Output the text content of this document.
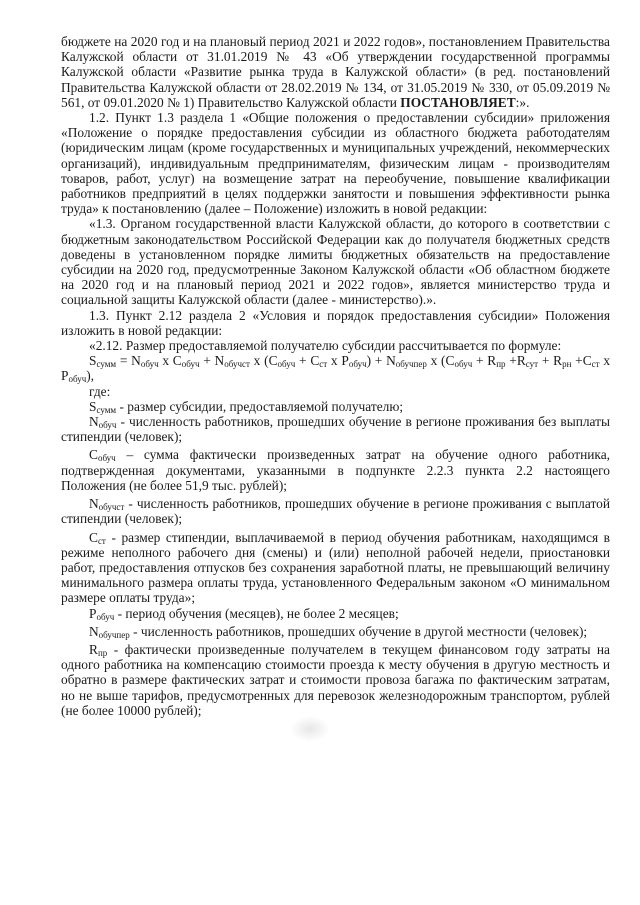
бюджете на 2020 год и на плановый период 2021 и 2022 годов», постановлением Правительства Калужской области от 31.01.2019 № 43 «Об утверждении государственной программы Калужской области «Развитие рынка труда в Калужской области» (в ред. постановлений Правительства Калужской области от 28.02.2019 № 134, от 31.05.2019 № 330, от 05.09.2019 № 561, от 09.01.2020 № 1) Правительство Калужской области ПОСТАНОВЛЯЕТ:».

1.2. Пункт 1.3 раздела 1 «Общие положения о предоставлении субсидии» приложения «Положение о порядке предоставления субсидии из областного бюджета работодателям (юридическим лицам (кроме государственных и муниципальных учреждений, некоммерческих организаций), индивидуальным предпринимателям, физическим лицам - производителям товаров, работ, услуг) на возмещение затрат на переобучение, повышение квалификации работников предприятий в целях поддержки занятости и повышения эффективности рынка труда» к постановлению (далее – Положение) изложить в новой редакции:

«1.3. Органом государственной власти Калужской области, до которого в соответствии с бюджетным законодательством Российской Федерации как до получателя бюджетных средств доведены в установленном порядке лимиты бюджетных обязательств на предоставление субсидии на 2020 год, предусмотренные Законом Калужской области «Об областном бюджете на 2020 год и на плановый период 2021 и 2022 годов», является министерство труда и социальной защиты Калужской области (далее - министерство).».

1.3. Пункт 2.12 раздела 2 «Условия и порядок предоставления субсидии» Положения изложить в новой редакции:

«2.12. Размер предоставляемой получателю субсидии рассчитывается по формуле:

$S_{сумм} = N_{обуч}$ x $С_{обуч} + N_{обучст}$ x ($С_{обуч} + С_{ст}$ x $Р_{обуч}) + N_{обучпер}$ x ($С_{обуч} + R_{пр} +R_{сут} + R_{рн} +С_{ст}$ x $Р_{обуч}$),

где:

$S_{сумм}$ - размер субсидии, предоставляемой получателю;

$N_{обуч}$ - численность работников, прошедших обучение в регионе проживания без выплаты стипендии (человек);

$С_{обуч}$ – сумма фактически произведенных затрат на обучение одного работника, подтвержденная документами, указанными в подпункте 2.2.3 пункта 2.2 настоящего Положения (не более 51,9 тыс. рублей);

$N_{обучст}$ - численность работников, прошедших обучение в регионе проживания с выплатой стипендии (человек);

$С_{ст}$ - размер стипендии, выплачиваемой в период обучения работникам, находящимся в режиме неполного рабочего дня (смены) и (или) неполной рабочей недели, приостановки работ, предоставления отпусков без сохранения заработной платы, не превышающий величину минимального размера оплаты труда, установленного Федеральным законом «О минимальном размере оплаты труда»;

$Р_{обуч}$ - период обучения (месяцев), не более 2 месяцев;

$N_{обучпер}$ - численность работников, прошедших обучение в другой местности (человек);

$R_{пр}$ - фактически произведенные получателем в текущем финансовом году затраты на одного работника на компенсацию стоимости проезда к месту обучения в другую местность и обратно в размере фактических затрат и стоимости провоза багажа по фактическим затратам, но не выше тарифов, предусмотренных для перевозок железнодорожным транспортом, рублей (не более 10000 рублей);
